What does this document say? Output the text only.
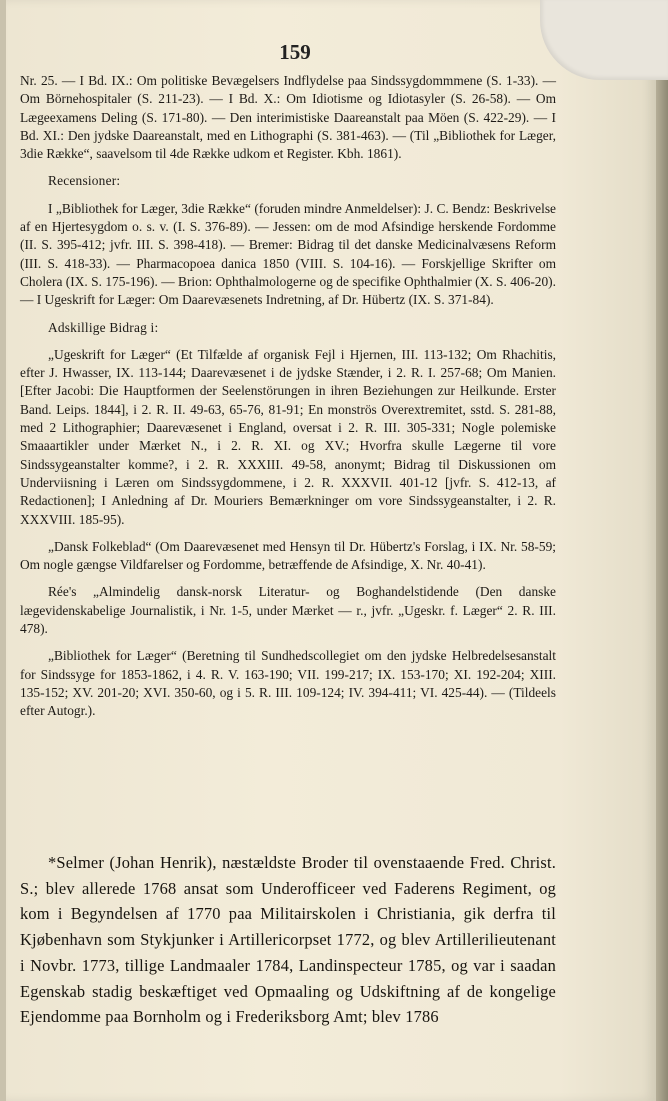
159

Nr. 25. — I Bd. IX.: Om politiske Bevægelsers Indflydelse paa Sindssygdommmene (S. 1-33). — Om Börnehospitaler (S. 211-23). — I Bd. X.: Om Idiotisme og Idiotasyler (S. 26-58). — Om Lægeexamens Deling (S. 171-80). — Den interimistiske Daareanstalt paa Möen (S. 422-29). — I Bd. XI.: Den jydske Daareanstalt, med en Lithographi (S. 381-463). — (Til „Bibliothek for Læger, 3die Række“, saavelsom til 4de Række udkom et Register. Kbh. 1861).

Recensioner:

I „Bibliothek for Læger, 3die Række“ (foruden mindre Anmeldelser): J. C. Bendz: Beskrivelse af en Hjertesygdom o. s. v. (I. S. 376-89). — Jessen: om de mod Afsindige herskende Fordomme (II. S. 395-412; jvfr. III. S. 398-418). — Bremer: Bidrag til det danske Medicinalvæsens Reform (III. S. 418-33). — Pharmacopoea danica 1850 (VIII. S. 104-16). — Forskjellige Skrifter om Cholera (IX. S. 175-196). — Brion: Ophthalmologerne og de specifike Ophthalmier (X. S. 406-20). — I Ugeskrift for Læger: Om Daarevæsenets Indretning, af Dr. Hübertz (IX. S. 371-84).

Adskillige Bidrag i:

„Ugeskrift for Læger“ (Et Tilfælde af organisk Fejl i Hjernen, III. 113-132; Om Rhachitis, efter J. Hwasser, IX. 113-144; Daarevæsenet i de jydske Stænder, i 2. R. I. 257-68; Om Manien. [Efter Jacobi: Die Hauptformen der Seelenstörungen in ihren Beziehungen zur Heilkunde. Erster Band. Leips. 1844], i 2. R. II. 49-63, 65-76, 81-91; En monströs Overextremitet, sstd. S. 281-88, med 2 Lithographier; Daarevæsenet i England, oversat i 2. R. III. 305-331; Nogle polemiske Smaaartikler under Mærket N., i 2. R. XI. og XV.; Hvorfra skulle Lægerne til vore Sindssygeanstalter komme?, i 2. R. XXXIII. 49-58, anonymt; Bidrag til Diskussionen om Underviisning i Læren om Sindssygdommene, i 2. R. XXXVII. 401-12 [jvfr. S. 412-13, af Redactionen]; I Anledning af Dr. Mouriers Bemærkninger om vore Sindssygeanstalter, i 2. R. XXXVIII. 185-95).

„Dansk Folkeblad“ (Om Daarevæsenet med Hensyn til Dr. Hübertz's Forslag, i IX. Nr. 58-59; Om nogle gængse Vildfarelser og Fordomme, betræffende de Afsindige, X. Nr. 40-41).

Rée's „Almindelig dansk-norsk Literatur- og Boghandelstidende (Den danske lægevidenskabelige Journalistik, i Nr. 1-5, under Mærket — r., jvfr. „Ugeskr. f. Læger“ 2. R. III. 478).

„Bibliothek for Læger“ (Beretning til Sundhedscollegiet om den jydske Helbredelsesanstalt for Sindssyge for 1853-1862, i 4. R. V. 163-190; VII. 199-217; IX. 153-170; XI. 192-204; XIII. 135-152; XV. 201-20; XVI. 350-60, og i 5. R. III. 109-124; IV. 394-411; VI. 425-44). — (Tildeels efter Autogr.).

*Selmer (Johan Henrik), næstældste Broder til ovenstaaende Fred. Christ. S.; blev allerede 1768 ansat som Underofficeer ved Faderens Regiment, og kom i Begyndelsen af 1770 paa Militairskolen i Christiania, gik derfra til Kjøbenhavn som Stykjunker i Artillericorpset 1772, og blev Artillerilieutenant i Novbr. 1773, tillige Landmaaler 1784, Landinspecteur 1785, og var i saadan Egenskab stadig beskæftiget ved Opmaaling og Udskiftning af de kongelige Ejendomme paa Bornholm og i Frederiksborg Amt; blev 1786
